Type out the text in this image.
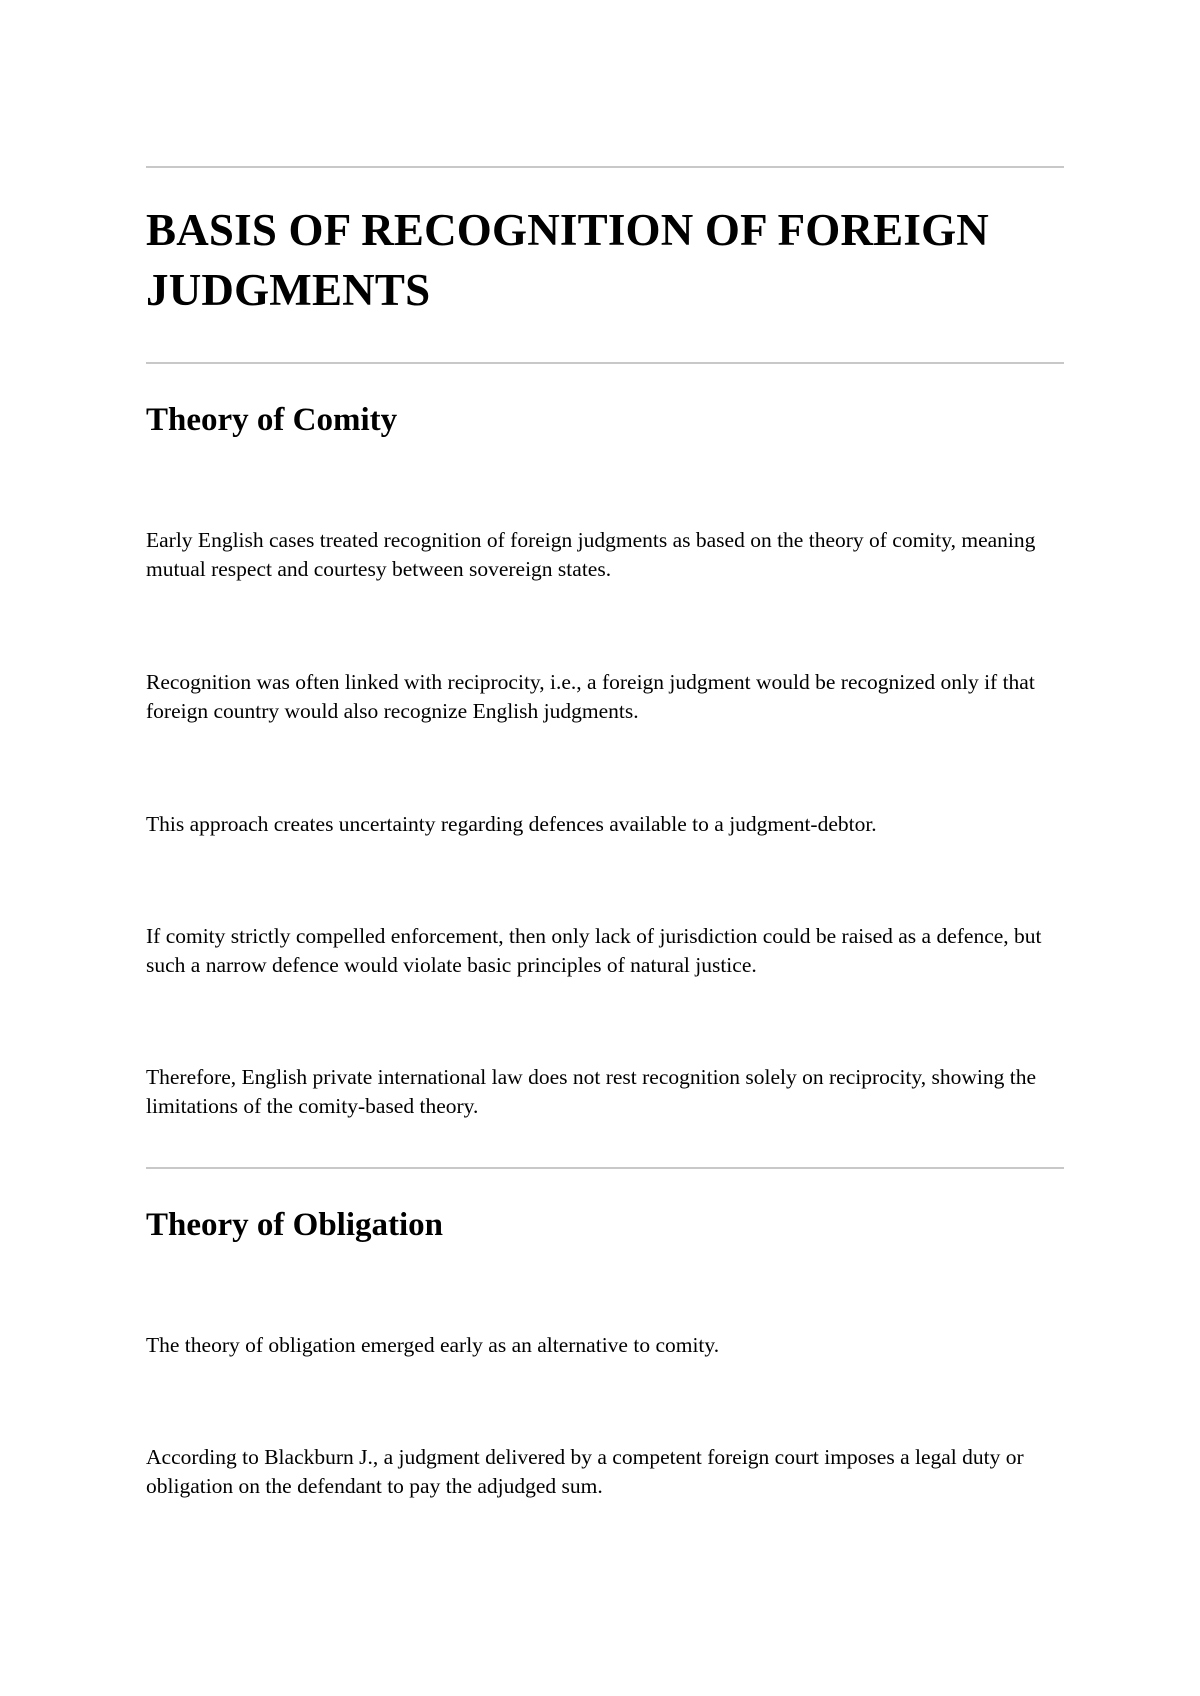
BASIS OF RECOGNITION OF FOREIGN JUDGMENTS
Theory of Comity

Early English cases treated recognition of foreign judgments as based on the theory of comity, meaning mutual respect and courtesy between sovereign states.

Recognition was often linked with reciprocity, i.e., a foreign judgment would be recognized only if that foreign country would also recognize English judgments.

This approach creates uncertainty regarding defences available to a judgment-debtor.

If comity strictly compelled enforcement, then only lack of jurisdiction could be raised as a defence, but such a narrow defence would violate basic principles of natural justice.

Therefore, English private international law does not rest recognition solely on reciprocity, showing the limitations of the comity-based theory.

Theory of Obligation

The theory of obligation emerged early as an alternative to comity.

According to Blackburn J., a judgment delivered by a competent foreign court imposes a legal duty or obligation on the defendant to pay the adjudged sum.
